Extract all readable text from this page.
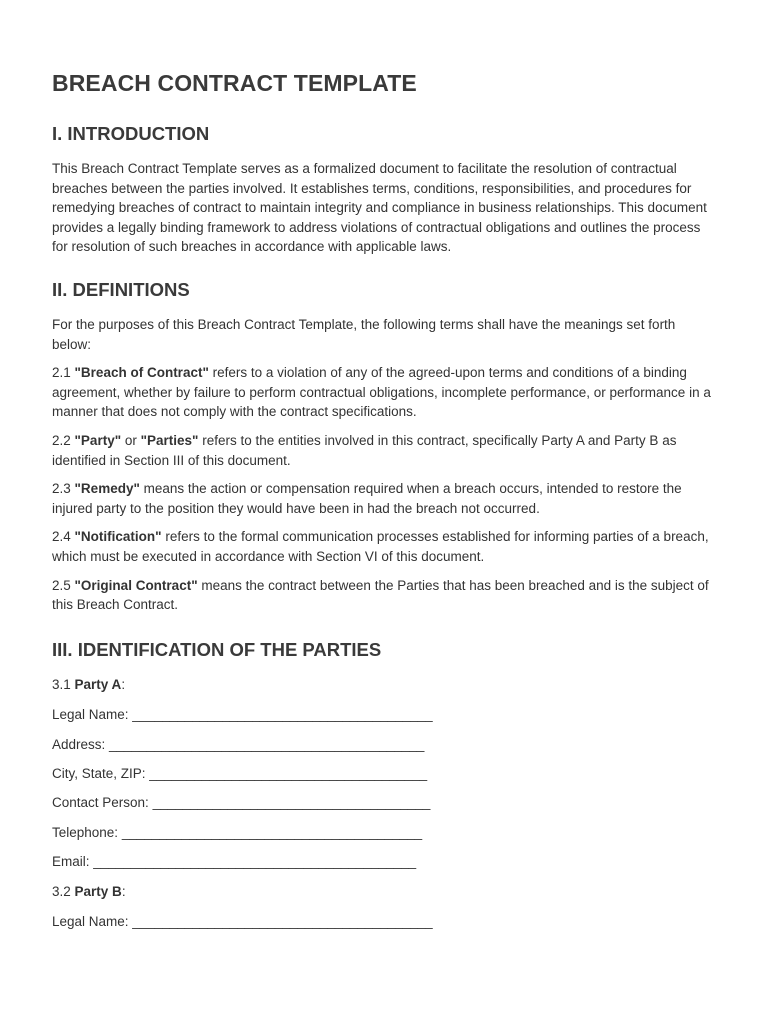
BREACH CONTRACT TEMPLATE
I. INTRODUCTION

This Breach Contract Template serves as a formalized document to facilitate the resolution of contractual breaches between the parties involved. It establishes terms, conditions, responsibilities, and procedures for remedying breaches of contract to maintain integrity and compliance in business relationships. This document provides a legally binding framework to address violations of contractual obligations and outlines the process for resolution of such breaches in accordance with applicable laws.

II. DEFINITIONS

For the purposes of this Breach Contract Template, the following terms shall have the meanings set forth below:

2.1 "Breach of Contract" refers to a violation of any of the agreed-upon terms and conditions of a binding agreement, whether by failure to perform contractual obligations, incomplete performance, or performance in a manner that does not comply with the contract specifications.

2.2 "Party" or "Parties" refers to the entities involved in this contract, specifically Party A and Party B as identified in Section III of this document.

2.3 "Remedy" means the action or compensation required when a breach occurs, intended to restore the injured party to the position they would have been in had the breach not occurred.

2.4 "Notification" refers to the formal communication processes established for informing parties of a breach, which must be executed in accordance with Section VI of this document.

2.5 "Original Contract" means the contract between the Parties that has been breached and is the subject of this Breach Contract.

III. IDENTIFICATION OF THE PARTIES

3.1 Party A:

Legal Name: ________________________________________
Address: __________________________________________
City, State, ZIP: _____________________________________
Contact Person: _____________________________________
Telephone: ________________________________________
Email: ___________________________________________

3.2 Party B:

Legal Name: ________________________________________
